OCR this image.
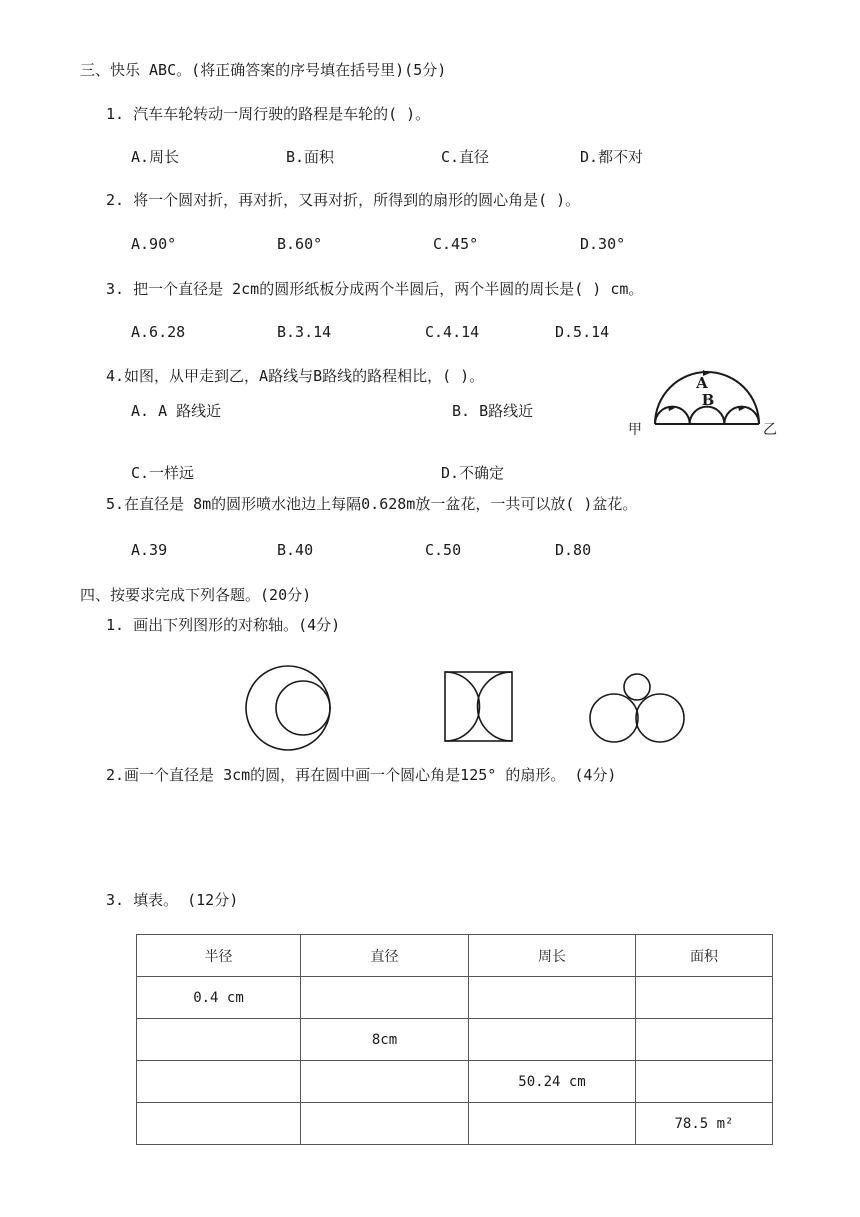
三、快乐 ABC。(将正确答案的序号填在括号里)(5分)
1. 汽车车轮转动一周行驶的路程是车轮的( )。
A.周长	B.面积	C.直径	D.都不对
2. 将一个圆对折，再对折，又再对折，所得到的扇形的圆心角是( )。
A.90°	B.60°	C.45°	D.30°
3. 把一个直径是 2cm的圆形纸板分成两个半圆后，两个半圆的周长是( ) cm。
A.6.28	B.3.14	C.4.14	D.5.14
4.如图，从甲走到乙，A路线与B路线的路程相比，( )。
A. A 路线近	B. B路线近
C.一样远	D.不确定
A
B
甲	乙
5.在直径是 8m的圆形喷水池边上每隔0.628m放一盆花，一共可以放( )盆花。
A.39	B.40	C.50	D.80
四、按要求完成下列各题。(20分)
1. 画出下列图形的对称轴。(4分)
2.画一个直径是 3cm的圆，再在圆中画一个圆心角是125° 的扇形。 (4分)
3. 填表。 (12分)
半径	直径	周长	面积
0.4 cm			
	8cm		
		50.24 cm	
			78.5 m²
